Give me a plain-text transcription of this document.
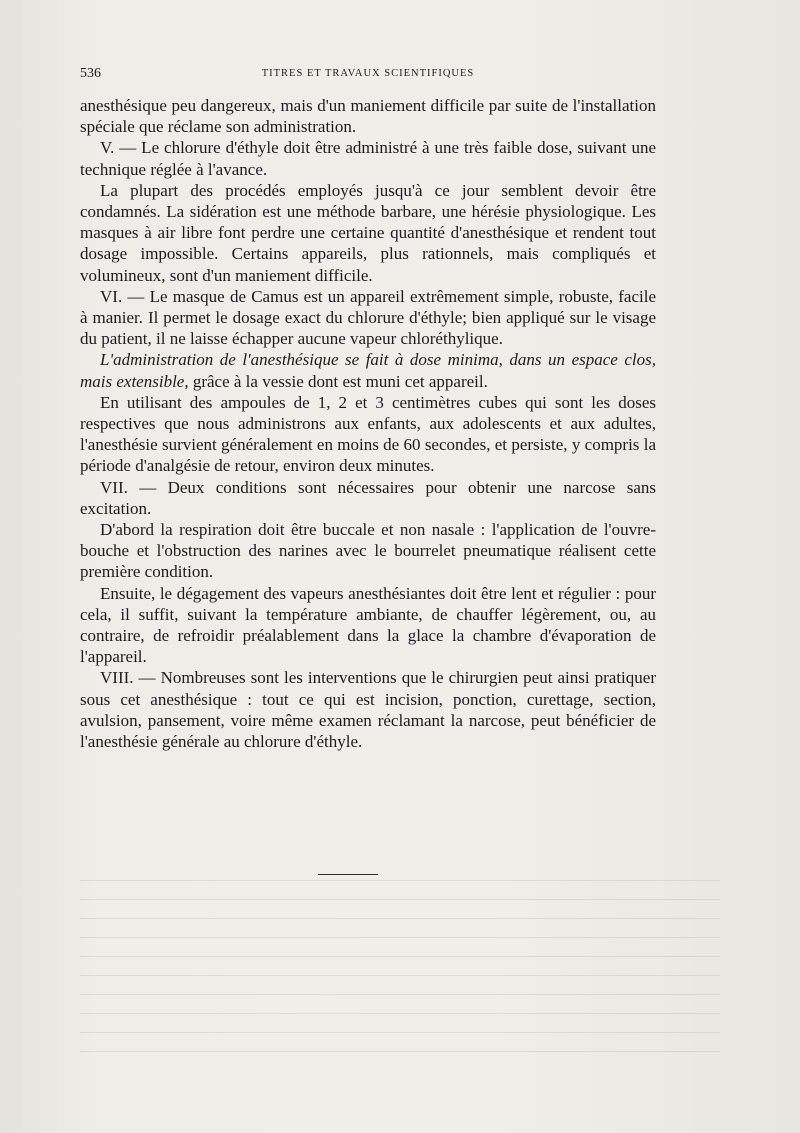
536	TITRES ET TRAVAUX SCIENTIFIQUES

anesthésique peu dangereux, mais d'un maniement difficile par suite de l'installation spéciale que réclame son administration.

V. — Le chlorure d'éthyle doit être administré à une très faible dose, suivant une technique réglée à l'avance.

La plupart des procédés employés jusqu'à ce jour semblent devoir être condamnés. La sidération est une méthode barbare, une hérésie physiologique. Les masques à air libre font perdre une certaine quantité d'anesthésique et rendent tout dosage impossible. Certains appareils, plus rationnels, mais compliqués et volumineux, sont d'un maniement difficile.

VI. — Le masque de Camus est un appareil extrêmement simple, robuste, facile à manier. Il permet le dosage exact du chlorure d'éthyle; bien appliqué sur le visage du patient, il ne laisse échapper aucune vapeur chloréthylique.

L'administration de l'anesthésique se fait à dose minima, dans un espace clos, mais extensible, grâce à la vessie dont est muni cet appareil.

En utilisant des ampoules de 1, 2 et 3 centimètres cubes qui sont les doses respectives que nous administrons aux enfants, aux adolescents et aux adultes, l'anesthésie survient généralement en moins de 60 secondes, et persiste, y compris la période d'analgésie de retour, environ deux minutes.

VII. — Deux conditions sont nécessaires pour obtenir une narcose sans excitation.

D'abord la respiration doit être buccale et non nasale : l'application de l'ouvre-bouche et l'obstruction des narines avec le bourrelet pneumatique réalisent cette première condition.

Ensuite, le dégagement des vapeurs anesthésiantes doit être lent et régulier : pour cela, il suffit, suivant la température ambiante, de chauffer légèrement, ou, au contraire, de refroidir préalablement dans la glace la chambre d'évaporation de l'appareil.

VIII. — Nombreuses sont les interventions que le chirurgien peut ainsi pratiquer sous cet anesthésique : tout ce qui est incision, ponction, curettage, section, avulsion, pansement, voire même examen réclamant la narcose, peut bénéficier de l'anesthésie générale au chlorure d'éthyle.
